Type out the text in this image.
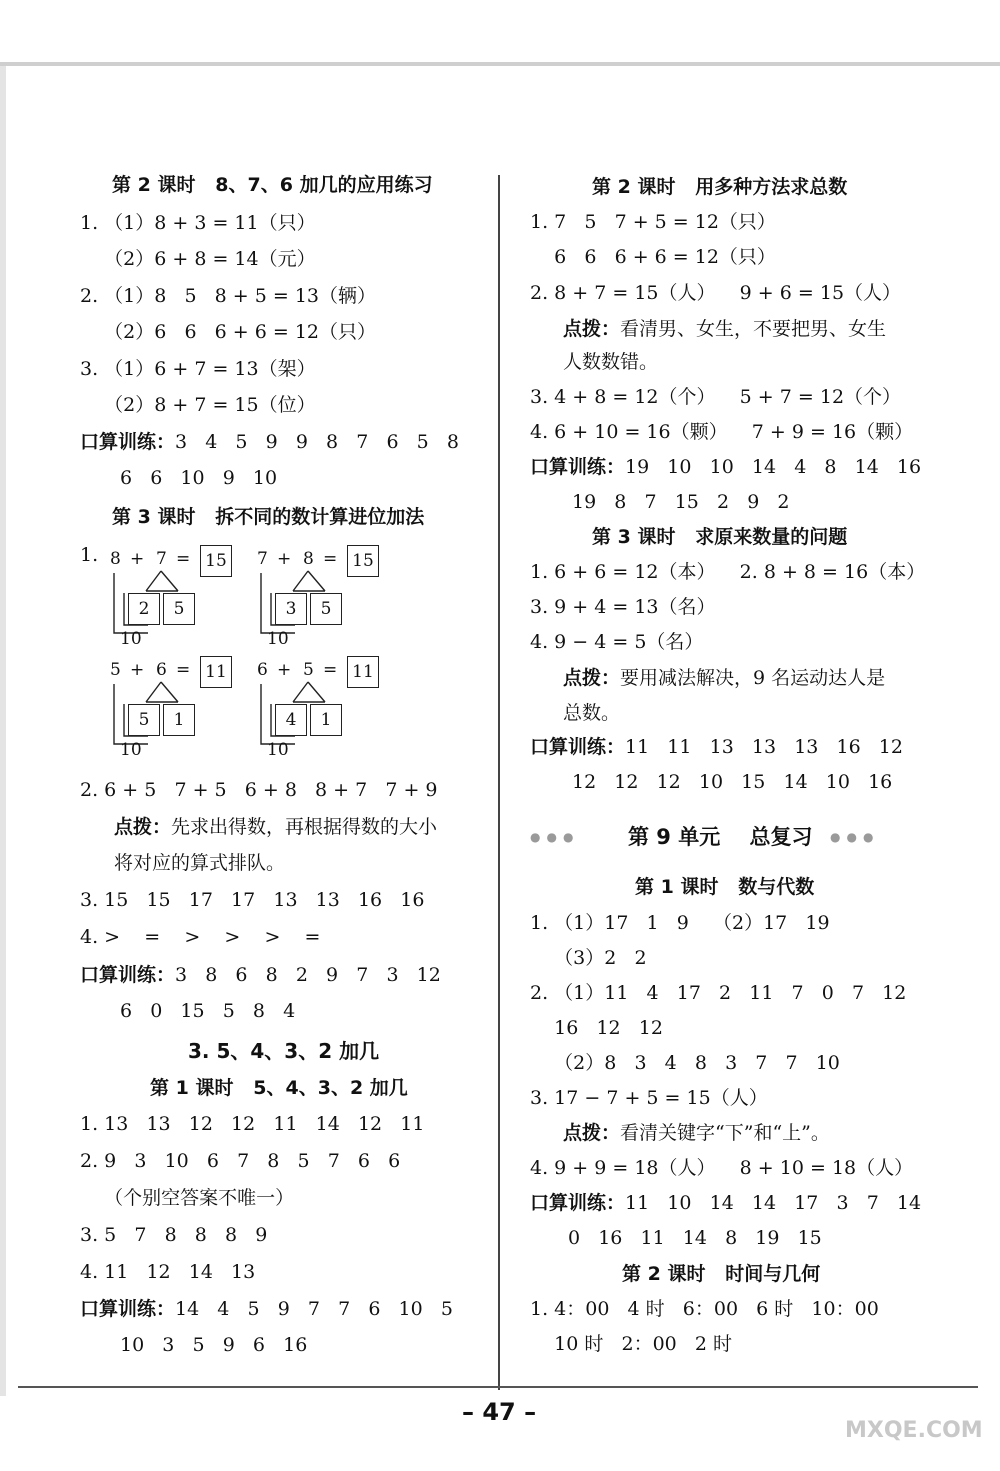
第 2 课时   8、7、6 加几的应用练习
1. （1）8 + 3 = 11（只）
（2）6 + 8 = 14（元）
2. （1）8   5   8 + 5 = 13（辆）
（2）6   6   6 + 6 = 12（只）
3. （1）6 + 7 = 13（架）
（2）8 + 7 = 15（位）
口算训练：3   4   5   9   9   8   7   6   5   8
6   6   10   9   10
第 3 课时   拆不同的数计算进位加法
1. 8 + 7 = 15
2	5
10
7 + 8 = 15
3	5
10
5 + 6 = 11
5	1
10
6 + 5 = 11
4	1
10
2. 6 + 5   7 + 5   6 + 8   8 + 7   7 + 9
点拨：先求出得数，再根据得数的大小
将对应的算式排队。
3. 15   15   17   17   13   13   16   16
4. >    =    >    >    >    =
口算训练：3   8   6   8   2   9   7   3   12
6   0   15   5   8   4
3. 5、4、3、2 加几
第 1 课时   5、4、3、2 加几
1. 13   13   12   12   11   14   12   11
2. 9   3   10   6   7   8   5   7   6   6
（个别空答案不唯一）
3. 5   7   8   8   8   9
4. 11   12   14   13
口算训练：14   4   5   9   7   7   6   10   5
10   3   5   9   6   16
第 2 课时   用多种方法求总数
1. 7   5   7 + 5 = 12（只）
6   6   6 + 6 = 12（只）
2. 8 + 7 = 15（人）    9 + 6 = 15（人）
点拨：看清男、女生，不要把男、女生
人数数错。
3. 4 + 8 = 12（个）    5 + 7 = 12（个）
4. 6 + 10 = 16（颗）    7 + 9 = 16（颗）
口算训练：19   10   10   14   4   8   14   16
19   8   7   15   2   9   2
第 3 课时   求原来数量的问题
1. 6 + 6 = 12（本）    2. 8 + 8 = 16（本）
3. 9 + 4 = 13（名）
4. 9 − 4 = 5（名）
点拨：要用减法解决，9 名运动达人是
总数。
口算训练：11   11   13   13   13   16   12
12   12   12   10   15   14   10   16
●●● 第 9 单元    总复习 ●●●
第 1 课时   数与代数
1. （1）17   1   9    （2）17   19
（3）2   2
2. （1）11   4   17   2   11   7   0   7   12
16   12   12
（2）8   3   4   8   3   7   7   10
3. 17 − 7 + 5 = 15（人）
点拨：看清关键字“下”和“上”。
4. 9 + 9 = 18（人）    8 + 10 = 18（人）
口算训练：11   10   14   14   17   3   7   14
0   16   11   14   8   19   15
第 2 课时   时间与几何
1. 4：00   4 时   6：00   6 时   10：00
10 时   2：00   2 时
– 47 –
MXQE.COM
